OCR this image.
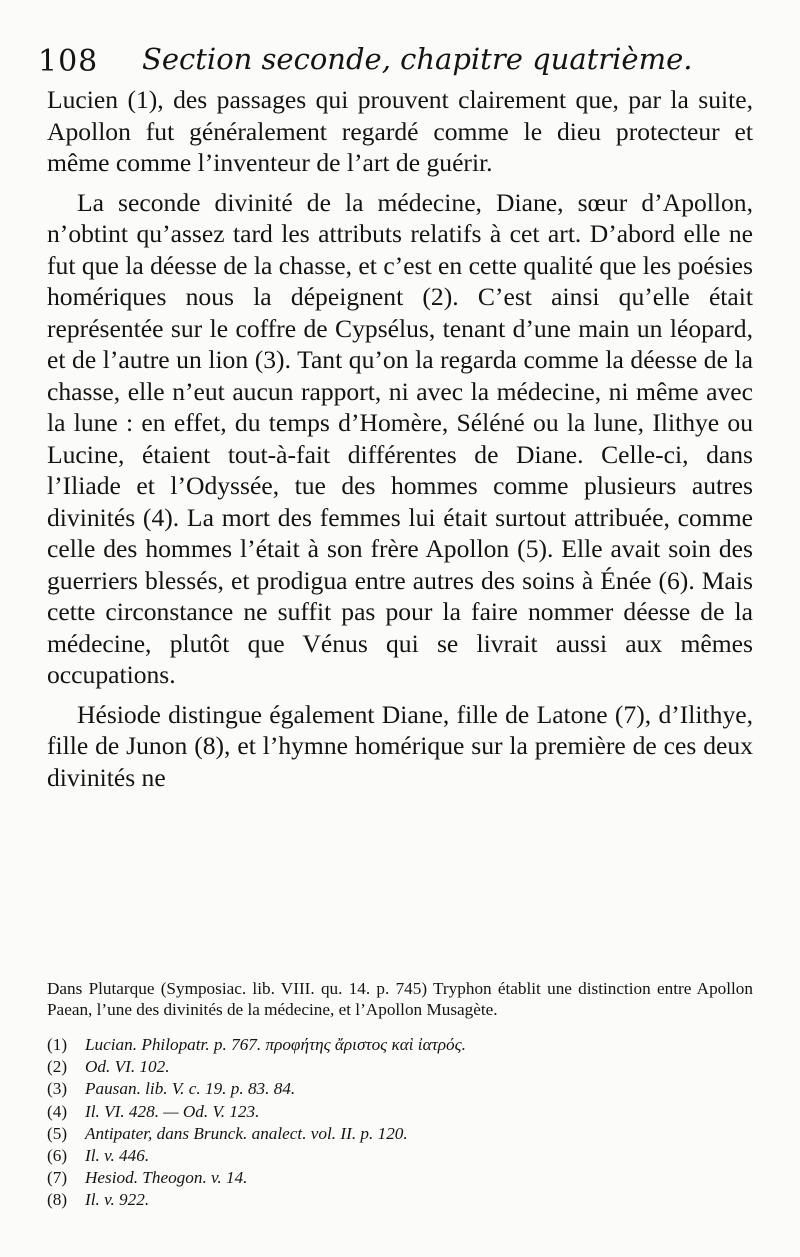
108 Section seconde, chapitre quatrième.

Lucien (1), des passages qui prouvent clairement que, par la suite, Apollon fut généralement regardé comme le dieu protecteur et même comme l’inventeur de l’art de guérir.

La seconde divinité de la médecine, Diane, sœur d’Apollon, n’obtint qu’assez tard les attributs relatifs à cet art. D’abord elle ne fut que la déesse de la chasse, et c’est en cette qualité que les poésies homériques nous la dépeignent (2). C’est ainsi qu’elle était représentée sur le coffre de Cypsélus, tenant d’une main un léopard, et de l’autre un lion (3). Tant qu’on la regarda comme la déesse de la chasse, elle n’eut aucun rapport, ni avec la médecine, ni même avec la lune : en effet, du temps d’Homère, Séléné ou la lune, Ilithye ou Lucine, étaient tout-à-fait différentes de Diane. Celle-ci, dans l’Iliade et l’Odyssée, tue des hommes comme plusieurs autres divinités (4). La mort des femmes lui était surtout attribuée, comme celle des hommes l’était à son frère Apollon (5). Elle avait soin des guerriers blessés, et prodigua entre autres des soins à Énée (6). Mais cette circonstance ne suffit pas pour la faire nommer déesse de la médecine, plutôt que Vénus qui se livrait aussi aux mêmes occupations.

Hésiode distingue également Diane, fille de Latone (7), d’Ilithye, fille de Junon (8), et l’hymne homérique sur la première de ces deux divinités ne

Dans Plutarque (Symposiac. lib. VIII. qu. 14. p. 745) Tryphon établit une distinction entre Apollon Paean, l’une des divinités de la médecine, et l’Apollon Musagète.

(1)	Lucian. Philopatr. p. 767. προφήτης ἄριστος καὶ ἰατρός.
(2)	Od. VI. 102.
(3)	Pausan. lib. V. c. 19. p. 83. 84.
(4)	Il. VI. 428. — Od. V. 123.
(5)	Antipater, dans Brunck. analect. vol. II. p. 120.
(6)	Il. v. 446.
(7)	Hesiod. Theogon. v. 14.
(8)	Il. v. 922.
